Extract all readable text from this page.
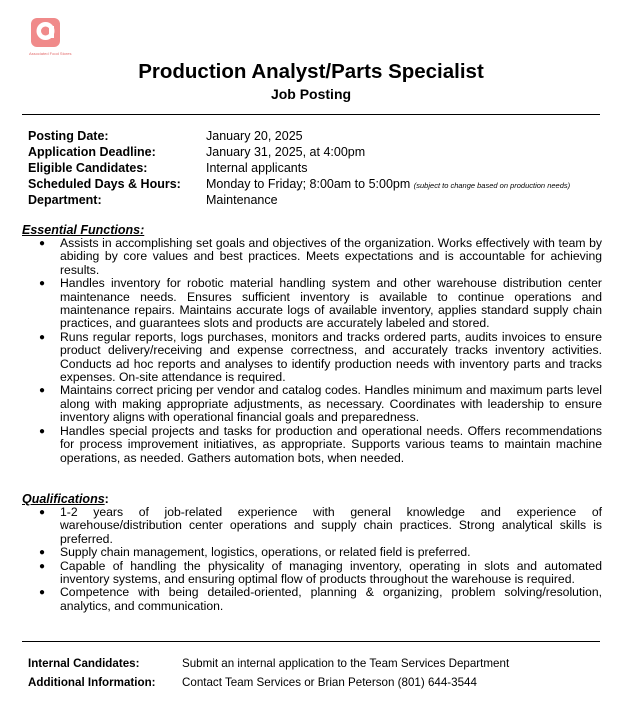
Associated Food Stores
Production Analyst/Parts Specialist
Job Posting
Posting Date:	January 20, 2025
Application Deadline:	January 31, 2025, at 4:00pm
Eligible Candidates:	Internal applicants
Scheduled Days & Hours: Monday to Friday; 8:00am to 5:00pm (subject to change based on production needs)
Department:	Maintenance
Essential Functions:
● Assists in accomplishing set goals and objectives of the organization. Works effectively with team by abiding by core values and best practices. Meets expectations and is accountable for achieving results.
● Handles inventory for robotic material handling system and other warehouse distribution center maintenance needs. Ensures sufficient inventory is available to continue operations and maintenance repairs. Maintains accurate logs of available inventory, applies standard supply chain practices, and guarantees slots and products are accurately labeled and stored.
● Runs regular reports, logs purchases, monitors and tracks ordered parts, audits invoices to ensure product delivery/receiving and expense correctness, and accurately tracks inventory activities. Conducts ad hoc reports and analyses to identify production needs with inventory parts and tracks expenses. On-site attendance is required.
● Maintains correct pricing per vendor and catalog codes. Handles minimum and maximum parts level along with making appropriate adjustments, as necessary. Coordinates with leadership to ensure inventory aligns with operational financial goals and preparedness.
● Handles special projects and tasks for production and operational needs. Offers recommendations for process improvement initiatives, as appropriate. Supports various teams to maintain machine operations, as needed. Gathers automation bots, when needed.
Qualifications:
● 1-2 years of job-related experience with general knowledge and experience of warehouse/distribution center operations and supply chain practices. Strong analytical skills is preferred.
● Supply chain management, logistics, operations, or related field is preferred.
● Capable of handling the physicality of managing inventory, operating in slots and automated inventory systems, and ensuring optimal flow of products throughout the warehouse is required.
● Competence with being detailed-oriented, planning & organizing, problem solving/resolution, analytics, and communication.
Internal Candidates:	Submit an internal application to the Team Services Department
Additional Information: Contact Team Services or Brian Peterson (801) 644-3544
